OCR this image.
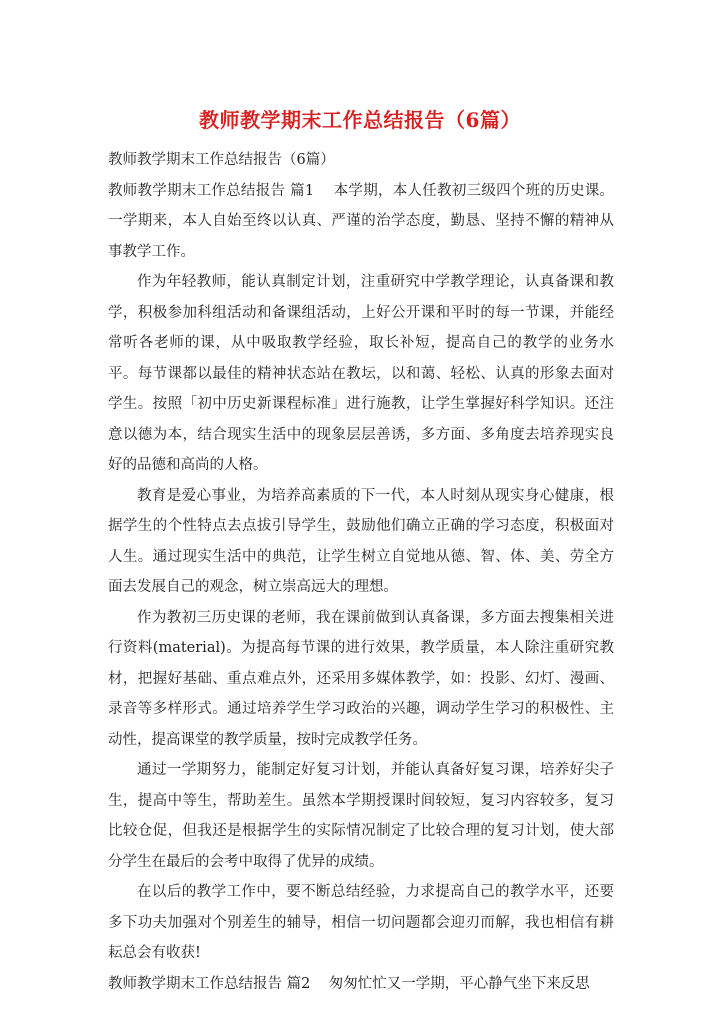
教师教学期末工作总结报告（6篇）

教师教学期末工作总结报告（6篇）

教师教学期末工作总结报告 篇1 本学期，本人任教初三级四个班的历史课。一学期来，本人自始至终以认真、严谨的治学态度，勤恳、坚持不懈的精神从事教学工作。

作为年轻教师，能认真制定计划，注重研究中学教学理论，认真备课和教学，积极参加科组活动和备课组活动，上好公开课和平时的每一节课，并能经常听各老师的课，从中吸取教学经验，取长补短，提高自己的教学的业务水平。每节课都以最佳的精神状态站在教坛，以和蔼、轻松、认真的形象去面对学生。按照「初中历史新课程标准」进行施教，让学生掌握好科学知识。还注意以德为本，结合现实生活中的现象层层善诱，多方面、多角度去培养现实良好的品德和高尚的人格。

教育是爱心事业，为培养高素质的下一代，本人时刻从现实身心健康，根据学生的个性特点去点拔引导学生，鼓励他们确立正确的学习态度，积极面对人生。通过现实生活中的典范，让学生树立自觉地从德、智、体、美、劳全方面去发展自己的观念，树立崇高远大的理想。

作为教初三历史课的老师，我在课前做到认真备课，多方面去搜集相关进行资料(material)。为提高每节课的进行效果，教学质量，本人除注重研究教材，把握好基础、重点难点外，还采用多媒体教学，如：投影、幻灯、漫画、录音等多样形式。通过培养学生学习政治的兴趣，调动学生学习的积极性、主动性，提高课堂的教学质量，按时完成教学任务。

通过一学期努力，能制定好复习计划，并能认真备好复习课，培养好尖子生，提高中等生，帮助差生。虽然本学期授课时间较短，复习内容较多，复习比较仓促，但我还是根据学生的实际情况制定了比较合理的复习计划，使大部分学生在最后的会考中取得了优异的成绩。

在以后的教学工作中，要不断总结经验，力求提高自己的教学水平，还要多下功夫加强对个别差生的辅导，相信一切问题都会迎刃而解，我也相信有耕耘总会有收获!

教师教学期末工作总结报告 篇2 匆匆忙忙又一学期，平心静气坐下来反思
